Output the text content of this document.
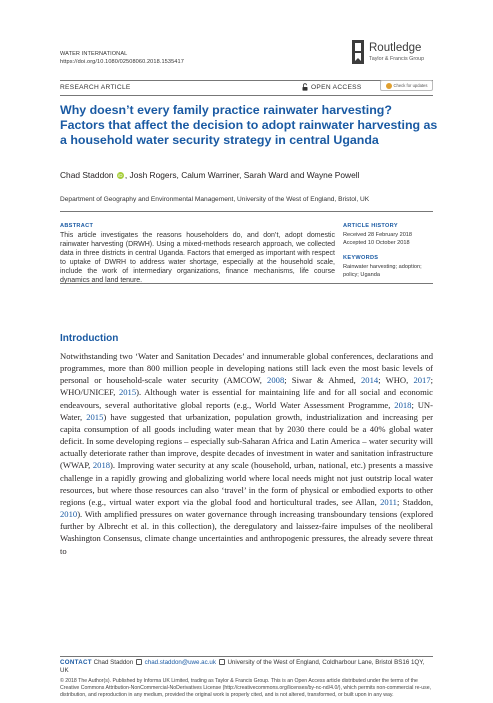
WATER INTERNATIONAL
https://doi.org/10.1080/02508060.2018.1535417
Routledge
Taylor & Francis Group
RESEARCH ARTICLE	OPEN ACCESS	Check for updates
Why doesn’t every family practice rainwater harvesting? Factors that affect the decision to adopt rainwater harvesting as a household water security strategy in central Uganda
Chad Staddon iD , Josh Rogers, Calum Warriner, Sarah Ward and Wayne Powell
Department of Geography and Environmental Management, University of the West of England, Bristol, UK
ABSTRACT
This article investigates the reasons householders do, and don’t, adopt domestic rainwater harvesting (DRWH). Using a mixed-methods research approach, we collected data in three districts in central Uganda. Factors that emerged as important with respect to uptake of DWRH to address water shortage, especially at the household scale, include the work of intermediary organizations, finance mechanisms, life course dynamics and land tenure.
ARTICLE HISTORY
Received 28 February 2018
Accepted 10 October 2018
KEYWORDS
Rainwater harvesting; adoption; policy; Uganda
Introduction
Notwithstanding two ‘Water and Sanitation Decades’ and innumerable global conferences, declarations and programmes, more than 800 million people in developing nations still lack even the most basic levels of personal or household-scale water security (AMCOW, 2008; Siwar & Ahmed, 2014; WHO, 2017; WHO/UNICEF, 2015). Although water is essential for maintaining life and for all social and economic endeavours, several authoritative global reports (e.g., World Water Assessment Programme, 2018; UN-Water, 2015) have suggested that urbanization, population growth, industrialization and increasing per capita consumption of all goods including water mean that by 2030 there could be a 40% global water deficit. In some developing regions – especially sub-Saharan Africa and Latin America – water security will actually deteriorate rather than improve, despite decades of investment in water and sanitation infrastructure (WWAP, 2018). Improving water security at any scale (household, urban, national, etc.) presents a massive challenge in a rapidly growing and globalizing world where local needs might not just outstrip local water resources, but where those resources can also ‘travel’ in the form of physical or embodied exports to other regions (e.g., virtual water export via the global food and horticultural trades, see Allan, 2011; Staddon, 2010). With amplified pressures on water governance through increasing transboundary tensions (explored further by Albrecht et al. in this collection), the deregulatory and laissez-faire impulses of the neoliberal Washington Consensus, climate change uncertainties and anthropogenic pressures, the already severe threat to
CONTACT Chad Staddon chad.staddon@uwe.ac.uk University of the West of England, Coldharbour Lane, Bristol BS16 1QY, UK
© 2018 The Author(s). Published by Informa UK Limited, trading as Taylor & Francis Group. This is an Open Access article distributed under the terms of the Creative Commons Attribution-NonCommercial-NoDerivatives License (http://creativecommons.org/licenses/by-nc-nd/4.0/), which permits non-commercial re-use, distribution, and reproduction in any medium, provided the original work is properly cited, and is not altered, transformed, or built upon in any way.
